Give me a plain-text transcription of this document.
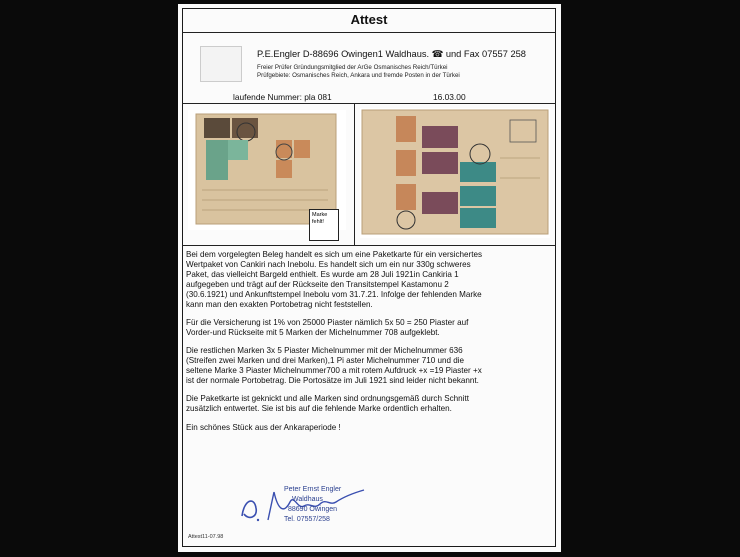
Attest
P.E.Engler D-88696 Owingen1 Waldhaus. ☎ und Fax 07557 258
Freier Prüfer Gründungsmitglied der ArGe Osmanisches Reich/Türkei
Prüfgebiete: Osmanisches Reich, Ankara und fremde Posten in der Türkei
laufende Nummer: pla 081	16.03.00
Marke
fehlt!

Bei dem vorgelegten Beleg handelt es sich um eine Paketkarte für ein versichertes
Wertpaket von Cankiri nach Inebolu. Es handelt sich um ein nur 330g schweres
Paket, das vielleicht Bargeld enthielt. Es wurde am 28 Juli 1921in Cankiria 1
aufgegeben und trägt auf der Rückseite den Transitstempel Kastamonu 2
(30.6.1921) und Ankunftstempel Inebolu vom 31.7.21. Infolge der fehlenden Marke
kann man den exakten Portobetrag nicht feststellen.

Für die Versicherung ist 1% von 25000 Piaster nämlich 5x 50 = 250 Piaster auf
Vorder-und Rückseite mit 5 Marken der Michelnummer 708 aufgeklebt.

Die restlichen Marken 3x 5 Piaster Michelnummer mit der Michelnummer 636
(Streifen zwei Marken und drei Marken),1 Pi aster Michelnummer 710 und die
seltene Marke 3 Piaster Michelnummer700 a mit rotem Aufdruck +x =19 Piaster +x
ist der normale Portobetrag. Die Portosätze im Juli 1921 sind leider nicht bekannt.

Die Paketkarte ist geknickt und alle Marken sind ordnungsgemäß durch Schnitt
zusätzlich entwertet. Sie ist bis auf die fehlende Marke ordentlich erhalten.

Ein schönes Stück aus der Ankaraperiode !

Peter Ernst Engler
Waldhaus
88690 Owingen
Tel. 07557/258
Attest11-07.98
